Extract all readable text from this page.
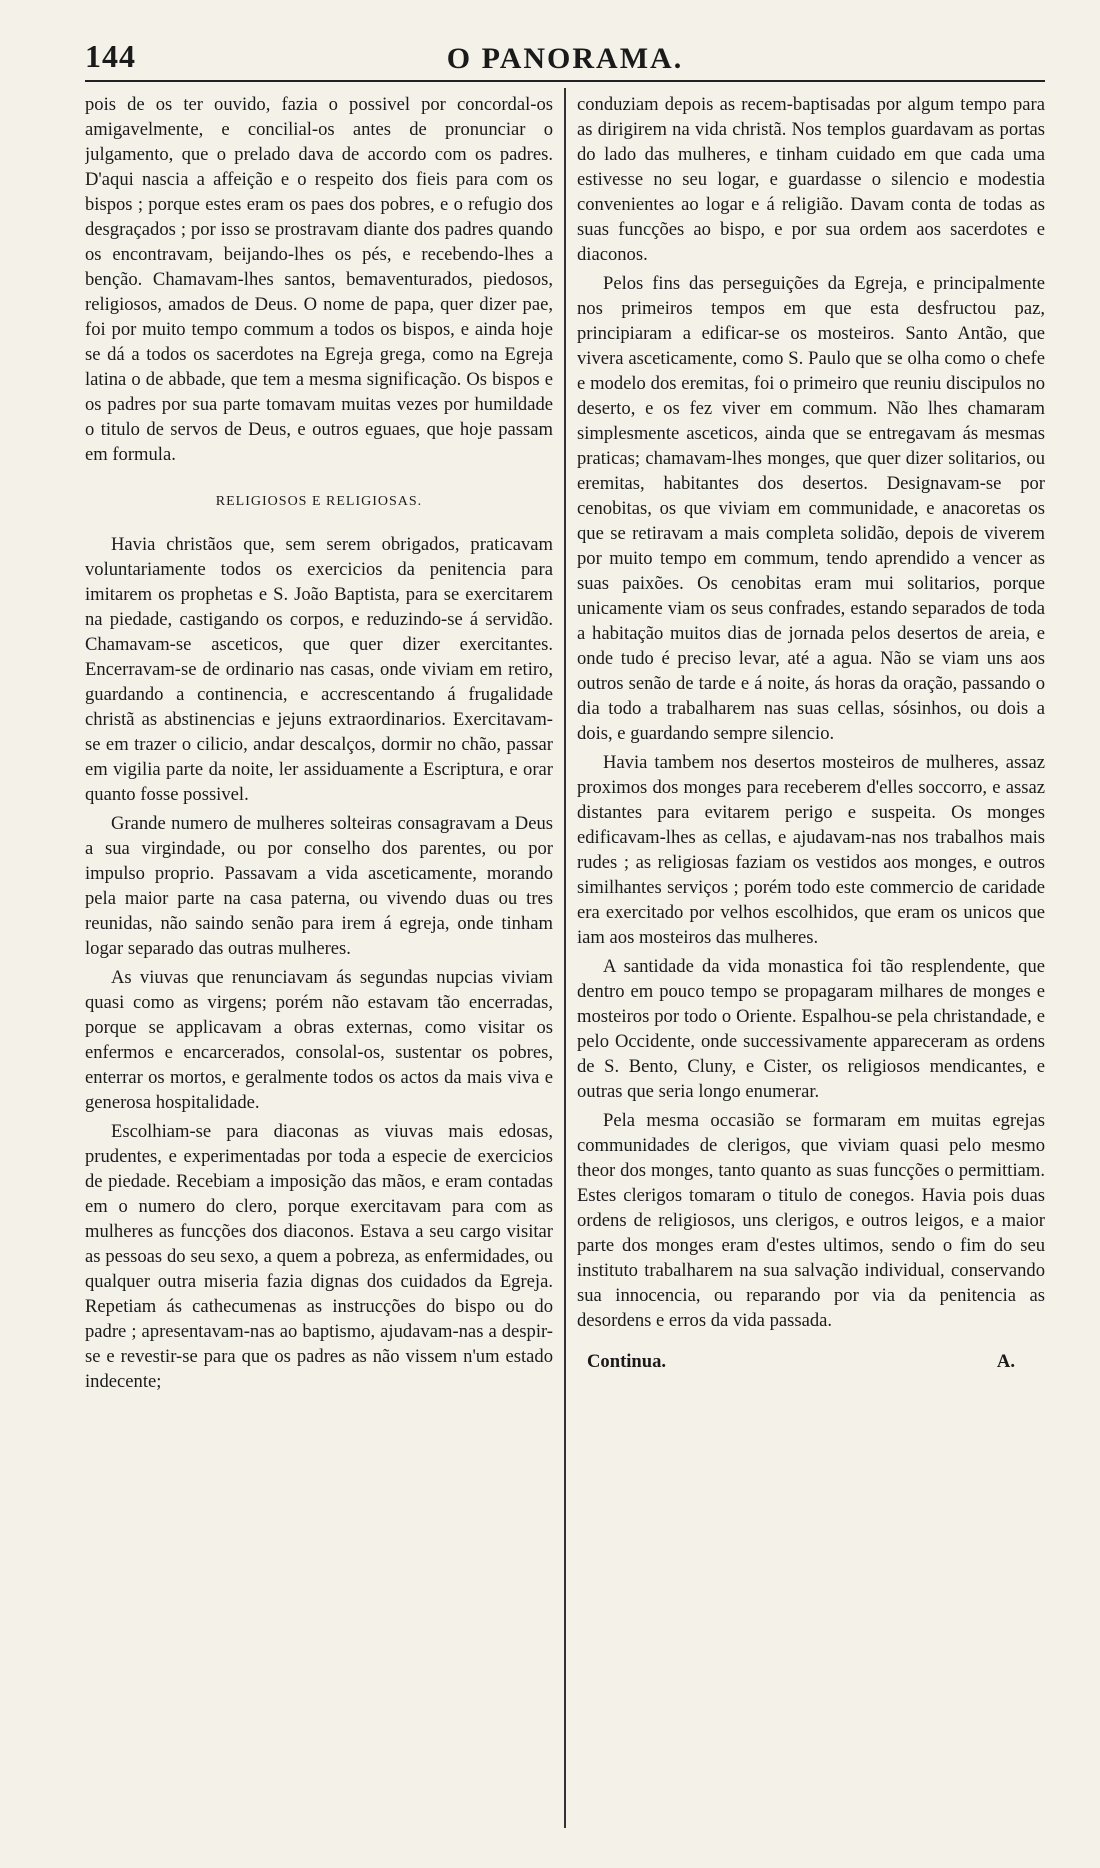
144	O PANORAMA.

pois de os ter ouvido, fazia o possivel por concordal-os amigavelmente, e concilial-os antes de pronunciar o julgamento, que o prelado dava de accordo com os padres. D'aqui nascia a affeição e o respeito dos fieis para com os bispos ; porque estes eram os paes dos pobres, e o refugio dos desgraçados ; por isso se prostravam diante dos padres quando os encontravam, beijando-lhes os pés, e recebendo-lhes a benção. Chamavam-lhes santos, bemaventurados, piedosos, religiosos, amados de Deus. O nome de papa, quer dizer pae, foi por muito tempo commum a todos os bispos, e ainda hoje se dá a todos os sacerdotes na Egreja grega, como na Egreja latina o de abbade, que tem a mesma significação. Os bispos e os padres por sua parte tomavam muitas vezes por humildade o titulo de servos de Deus, e outros eguaes, que hoje passam em formula.

RELIGIOSOS E RELIGIOSAS.

Havia christãos que, sem serem obrigados, praticavam voluntariamente todos os exercicios da penitencia para imitarem os prophetas e S. João Baptista, para se exercitarem na piedade, castigando os corpos, e reduzindo-se á servidão. Chamavam-se asceticos, que quer dizer exercitantes. Encerravam-se de ordinario nas casas, onde viviam em retiro, guardando a continencia, e accrescentando á frugalidade christã as abstinencias e jejuns extraordinarios. Exercitavam-se em trazer o cilicio, andar descalços, dormir no chão, passar em vigilia parte da noite, ler assiduamente a Escriptura, e orar quanto fosse possivel.

Grande numero de mulheres solteiras consagravam a Deus a sua virgindade, ou por conselho dos parentes, ou por impulso proprio. Passavam a vida asceticamente, morando pela maior parte na casa paterna, ou vivendo duas ou tres reunidas, não saindo senão para irem á egreja, onde tinham logar separado das outras mulheres.

As viuvas que renunciavam ás segundas nupcias viviam quasi como as virgens; porém não estavam tão encerradas, porque se applicavam a obras externas, como visitar os enfermos e encarcerados, consolal-os, sustentar os pobres, enterrar os mortos, e geralmente todos os actos da mais viva e generosa hospitalidade.

Escolhiam-se para diaconas as viuvas mais edosas, prudentes, e experimentadas por toda a especie de exercicios de piedade. Recebiam a imposição das mãos, e eram contadas em o numero do clero, porque exercitavam para com as mulheres as funcções dos diaconos. Estava a seu cargo visitar as pessoas do seu sexo, a quem a pobreza, as enfermidades, ou qualquer outra miseria fazia dignas dos cuidados da Egreja. Repetiam ás cathecumenas as instrucções do bispo ou do padre ; apresentavam-nas ao baptismo, ajudavam-nas a despir-se e revestir-se para que os padres as não vissem n'um estado indecente;

conduziam depois as recem-baptisadas por algum tempo para as dirigirem na vida christã. Nos templos guardavam as portas do lado das mulheres, e tinham cuidado em que cada uma estivesse no seu logar, e guardasse o silencio e modestia convenientes ao logar e á religião. Davam conta de todas as suas funcções ao bispo, e por sua ordem aos sacerdotes e diaconos.

Pelos fins das perseguições da Egreja, e principalmente nos primeiros tempos em que esta desfructou paz, principiaram a edificar-se os mosteiros. Santo Antão, que vivera asceticamente, como S. Paulo que se olha como o chefe e modelo dos eremitas, foi o primeiro que reuniu discipulos no deserto, e os fez viver em commum. Não lhes chamaram simplesmente asceticos, ainda que se entregavam ás mesmas praticas; chamavam-lhes monges, que quer dizer solitarios, ou eremitas, habitantes dos desertos. Designavam-se por cenobitas, os que viviam em communidade, e anacoretas os que se retiravam a mais completa solidão, depois de viverem por muito tempo em commum, tendo aprendido a vencer as suas paixões. Os cenobitas eram mui solitarios, porque unicamente viam os seus confrades, estando separados de toda a habitação muitos dias de jornada pelos desertos de areia, e onde tudo é preciso levar, até a agua. Não se viam uns aos outros senão de tarde e á noite, ás horas da oração, passando o dia todo a trabalharem nas suas cellas, sósinhos, ou dois a dois, e guardando sempre silencio.

Havia tambem nos desertos mosteiros de mulheres, assaz proximos dos monges para receberem d'elles soccorro, e assaz distantes para evitarem perigo e suspeita. Os monges edificavam-lhes as cellas, e ajudavam-nas nos trabalhos mais rudes ; as religiosas faziam os vestidos aos monges, e outros similhantes serviços ; porém todo este commercio de caridade era exercitado por velhos escolhidos, que eram os unicos que iam aos mosteiros das mulheres.

A santidade da vida monastica foi tão resplendente, que dentro em pouco tempo se propagaram milhares de monges e mosteiros por todo o Oriente. Espalhou-se pela christandade, e pelo Occidente, onde successivamente appareceram as ordens de S. Bento, Cluny, e Cister, os religiosos mendicantes, e outras que seria longo enumerar.

Pela mesma occasião se formaram em muitas egrejas communidades de clerigos, que viviam quasi pelo mesmo theor dos monges, tanto quanto as suas funcções o permittiam. Estes clerigos tomaram o titulo de conegos. Havia pois duas ordens de religiosos, uns clerigos, e outros leigos, e a maior parte dos monges eram d'estes ultimos, sendo o fim do seu instituto trabalharem na sua salvação individual, conservando sua innocencia, ou reparando por via da penitencia as desordens e erros da vida passada.

Continua.	A.
